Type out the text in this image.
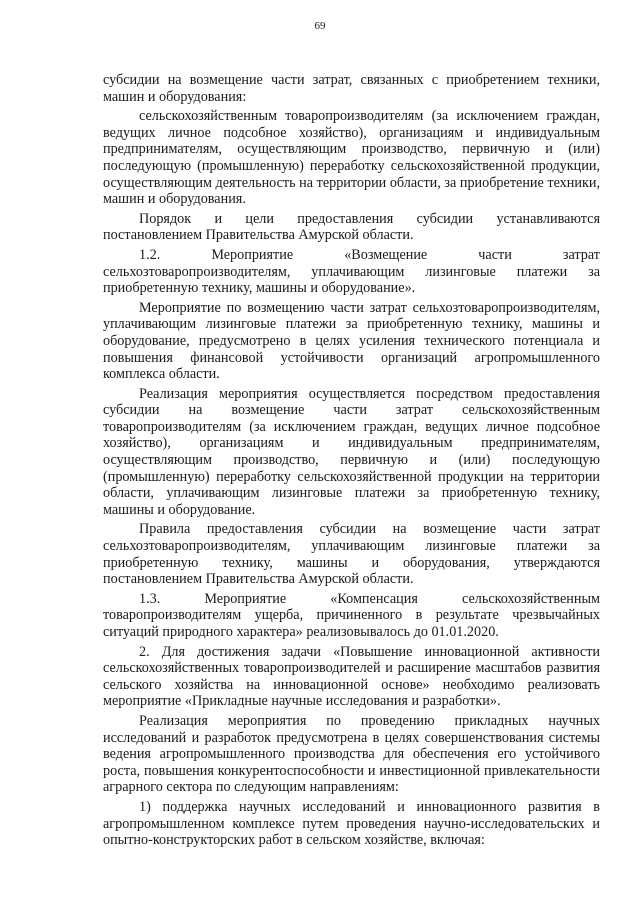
69

субсидии на возмещение части затрат, связанных с приобретением техники, машин и оборудования:

сельскохозяйственным товаропроизводителям (за исключением граждан, ведущих личное подсобное хозяйство), организациям и индивидуальным предпринимателям, осуществляющим производство, первичную и (или) последующую (промышленную) переработку сельскохозяйственной продукции, осуществляющим деятельность на территории области, за приобретение техники, машин и оборудования.

Порядок и цели предоставления субсидии устанавливаются постановлением Правительства Амурской области.

1.2. Мероприятие «Возмещение части затрат сельхозтоваропроизводителям, уплачивающим лизинговые платежи за приобретенную технику, машины и оборудование».

Мероприятие по возмещению части затрат сельхозтоваропроизводителям, уплачивающим лизинговые платежи за приобретенную технику, машины и оборудование, предусмотрено в целях усиления технического потенциала и повышения финансовой устойчивости организаций агропромышленного комплекса области.

Реализация мероприятия осуществляется посредством предоставления субсидии на возмещение части затрат сельскохозяйственным товаропроизводителям (за исключением граждан, ведущих личное подсобное хозяйство), организациям и индивидуальным предпринимателям, осуществляющим производство, первичную и (или) последующую (промышленную) переработку сельскохозяйственной продукции на территории области, уплачивающим лизинговые платежи за приобретенную технику, машины и оборудование.

Правила предоставления субсидии на возмещение части затрат сельхозтоваропроизводителям, уплачивающим лизинговые платежи за приобретенную технику, машины и оборудования, утверждаются постановлением Правительства Амурской области.

1.3. Мероприятие «Компенсация сельскохозяйственным товаропроизводителям ущерба, причиненного в результате чрезвычайных ситуаций природного характера» реализовывалось до 01.01.2020.

2. Для достижения задачи «Повышение инновационной активности сельскохозяйственных товаропроизводителей и расширение масштабов развития сельского хозяйства на инновационной основе» необходимо реализовать мероприятие «Прикладные научные исследования и разработки».

Реализация мероприятия по проведению прикладных научных исследований и разработок предусмотрена в целях совершенствования системы ведения агропромышленного производства для обеспечения его устойчивого роста, повышения конкурентоспособности и инвестиционной привлекательности аграрного сектора по следующим направлениям:

1) поддержка научных исследований и инновационного развития в агропромышленном комплексе путем проведения научно-исследовательских и опытно-конструкторских работ в сельском хозяйстве, включая:
